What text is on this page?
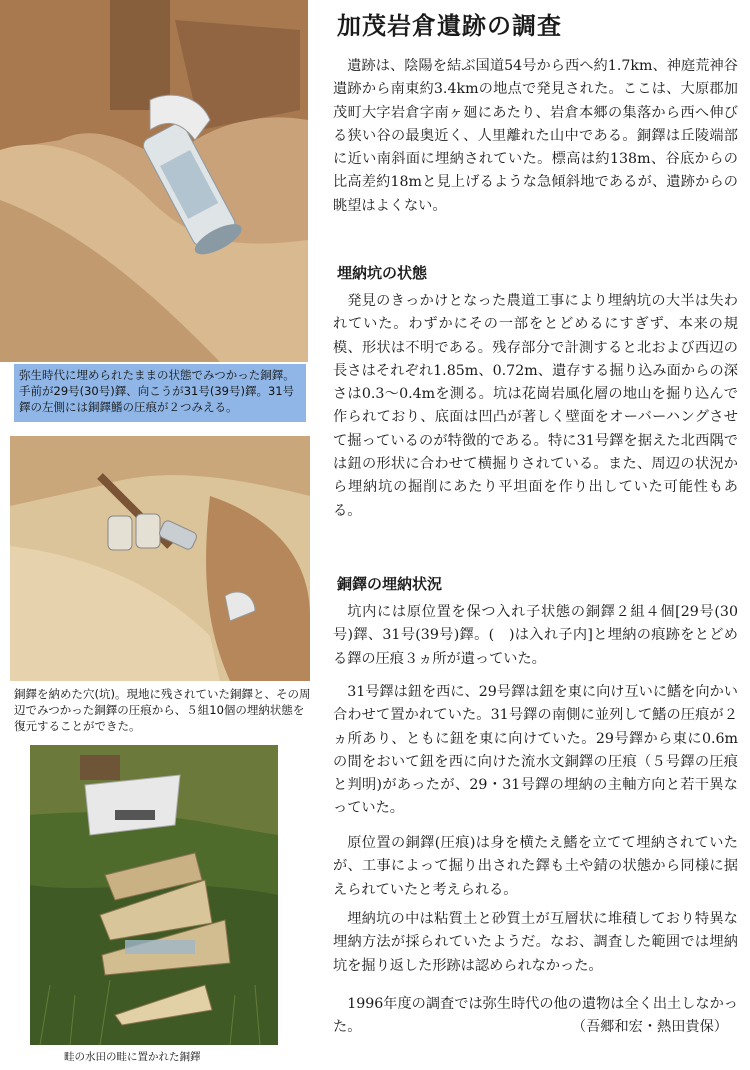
弥生時代に埋められたままの状態でみつかった銅鐸。手前が29号(30号)鐸、向こうが31号(39号)鐸。31号鐸の左側には銅鐸鰭の圧痕が２つみえる。

銅鐸を納めた穴(坑)。現地に残されていた銅鐸と、その周辺でみつかった銅鐸の圧痕から、５組10個の埋納状態を復元することができた。

畦の水田の畦に置かれた銅鐸

加茂岩倉遺跡の調査

遺跡は、陰陽を結ぶ国道54号から西へ約1.7km、神庭荒神谷遺跡から南東約3.4kmの地点で発見された。ここは、大原郡加茂町大字岩倉字南ヶ廻にあたり、岩倉本郷の集落から西へ伸びる狭い谷の最奥近く、人里離れた山中である。銅鐸は丘陵端部に近い南斜面に埋納されていた。標高は約138m、谷底からの比高差約18mと見上げるような急傾斜地であるが、遺跡からの眺望はよくない。

埋納坑の状態

発見のきっかけとなった農道工事により埋納坑の大半は失われていた。わずかにその一部をとどめるにすぎず、本来の規模、形状は不明である。残存部分で計測すると北および西辺の長さはそれぞれ1.85m、0.72m、遺存する掘り込み面からの深さは0.3～0.4mを測る。坑は花崗岩風化層の地山を掘り込んで作られており、底面は凹凸が著しく壁面をオーバーハングさせて掘っているのが特徴的である。特に31号鐸を据えた北西隅では鈕の形状に合わせて横掘りされている。また、周辺の状況から埋納坑の掘削にあたり平坦面を作り出していた可能性もある。

銅鐸の埋納状況

坑内には原位置を保つ入れ子状態の銅鐸２組４個[29号(30号)鐸、31号(39号)鐸。(　)は入れ子内]と埋納の痕跡をとどめる鐸の圧痕３ヵ所が遺っていた。

31号鐸は鈕を西に、29号鐸は鈕を東に向け互いに鰭を向かい合わせて置かれていた。31号鐸の南側に並列して鰭の圧痕が２ヵ所あり、ともに鈕を東に向けていた。29号鐸から東に0.6mの間をおいて鈕を西に向けた流水文銅鐸の圧痕（５号鐸の圧痕と判明)があったが、29・31号鐸の埋納の主軸方向と若干異なっていた。

原位置の銅鐸(圧痕)は身を横たえ鰭を立てて埋納されていたが、工事によって掘り出された鐸も土や錆の状態から同様に据えられていたと考えられる。

埋納坑の中は粘質土と砂質土が互層状に堆積しており特異な埋納方法が採られていたようだ。なお、調査した範囲では埋納坑を掘り返した形跡は認められなかった。

1996年度の調査では弥生時代の他の遺物は全く出土しなかった。	（吾郷和宏・熱田貴保）
